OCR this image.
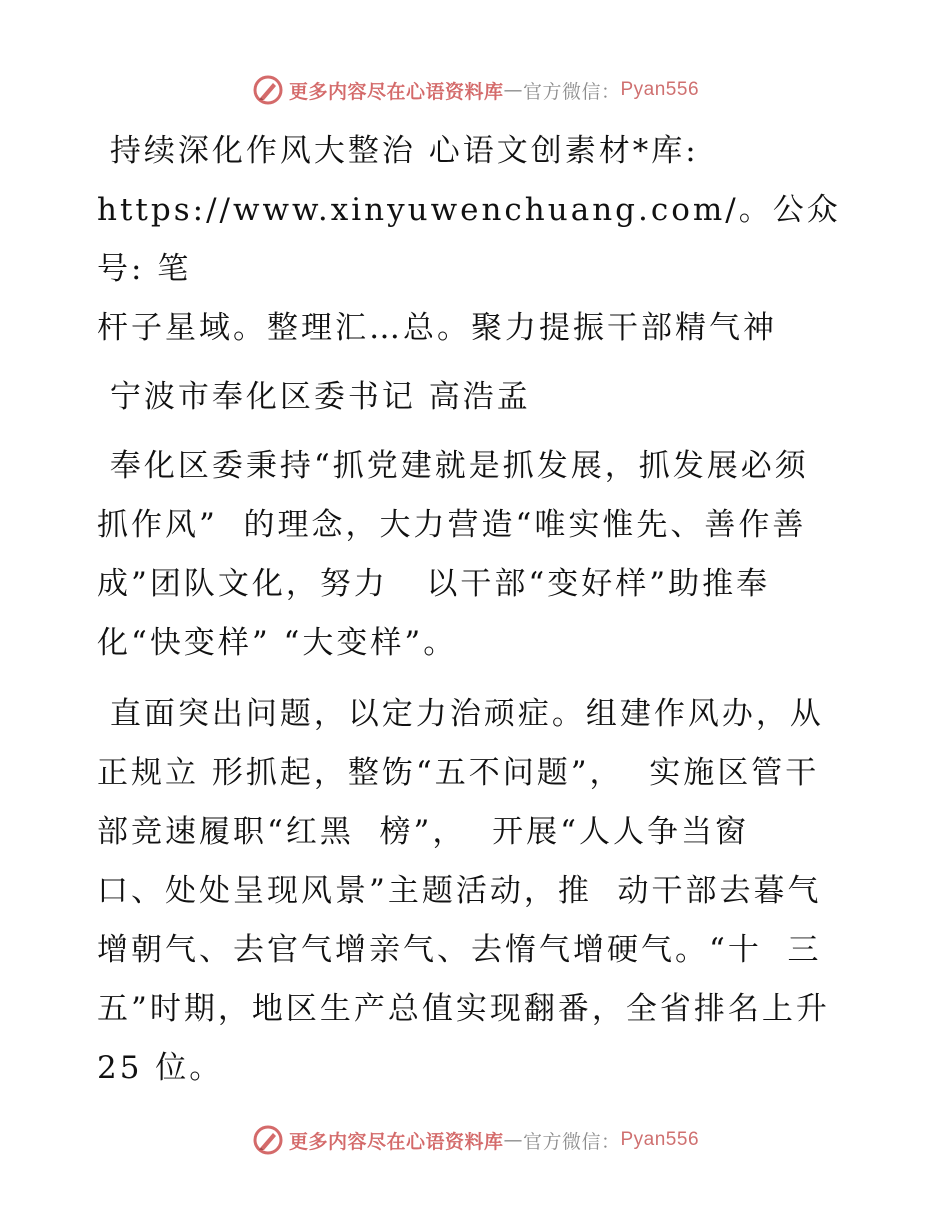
更多内容尽在心语资料库 — 官方微信： Pyan556

持续深化作风大整治 心语文创素材*库:
https://www.xinyuwenchuang.com/。公众号: 笔
杆子星域。整理汇…总。聚力提振干部精气神

宁波市奉化区委书记 高浩孟

奉化区委秉持“抓党建就是抓发展，抓发展必须
抓作风”  的理念，大力营造“唯实惟先、善作善
成”团队文化，努力   以干部“变好样”助推奉
化“快变样” “大变样”。

直面突出问题，以定力治顽症。组建作风办，从
正规立 形抓起，整饬“五不问题”，  实施区管干
部竞速履职“红黑  榜”，  开展“人人争当窗
口、处处呈现风景”主题活动，推  动干部去暮气
增朝气、去官气增亲气、去惰气增硬气。“十  三
五”时期，地区生产总值实现翻番，全省排名上升
25 位。

更多内容尽在心语资料库 — 官方微信： Pyan556
